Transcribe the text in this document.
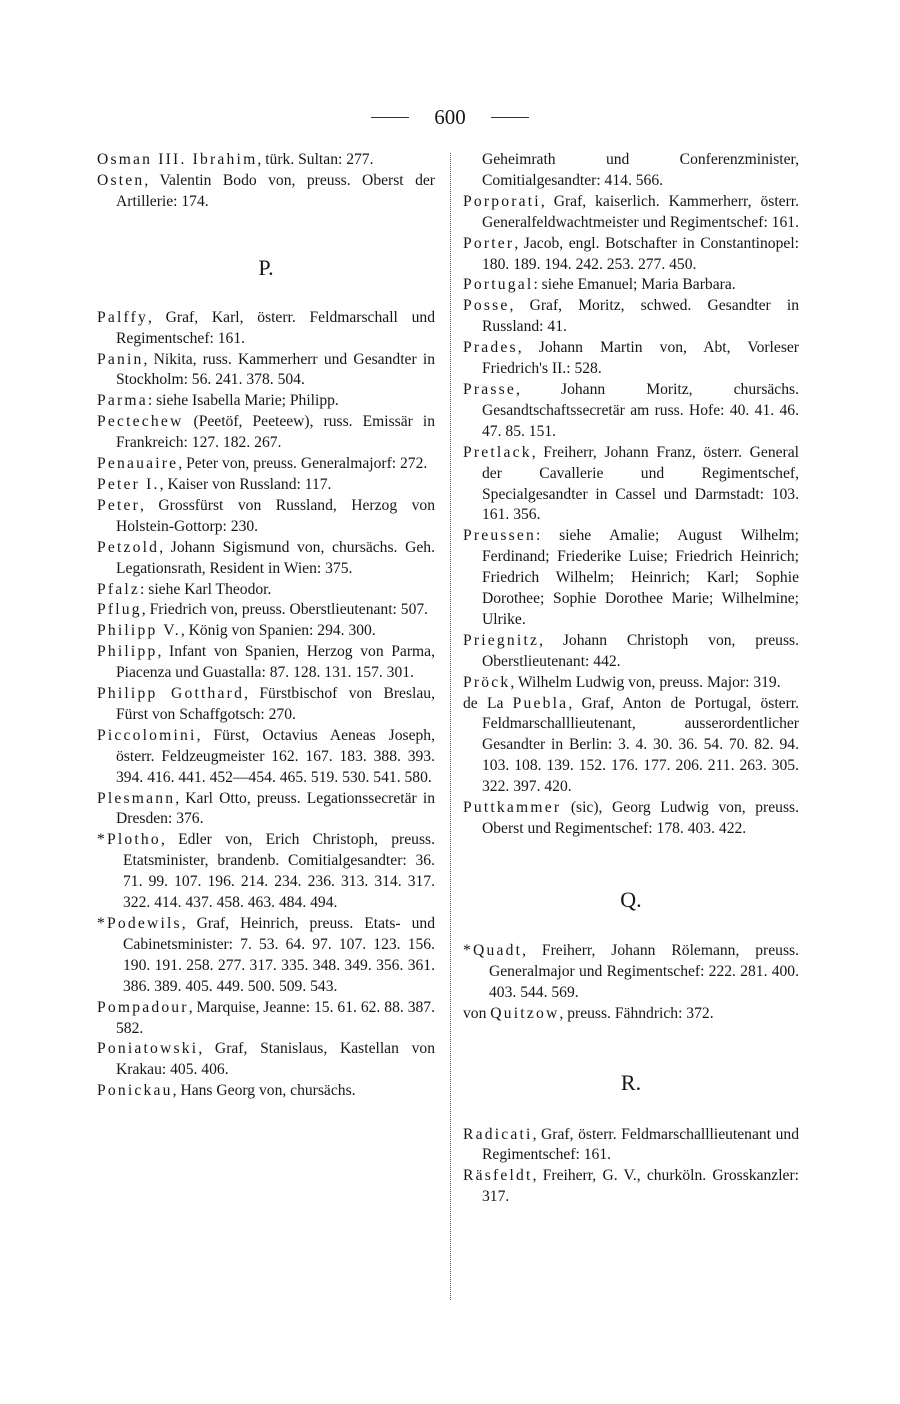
600

Osman III. Ibrahim, türk. Sultan: 277.

Osten, Valentin Bodo von, preuss. Oberst der Artillerie: 174.

P.

Palffy, Graf, Karl, österr. Feldmarschall und Regimentschef: 161.

Panin, Nikita, russ. Kammerherr und Gesandter in Stockholm: 56. 241. 378. 504.

Parma: siehe Isabella Marie; Philipp.

Pectechew (Peetöf, Peeteew), russ. Emissär in Frankreich: 127. 182. 267.

Penauaire, Peter von, preuss. Generalmajorf: 272.

Peter I., Kaiser von Russland: 117.

Peter, Grossfürst von Russland, Herzog von Holstein-Gottorp: 230.

Petzold, Johann Sigismund von, chursächs. Geh. Legationsrath, Resident in Wien: 375.

Pfalz: siehe Karl Theodor.

Pflug, Friedrich von, preuss. Oberstlieutenant: 507.

Philipp V., König von Spanien: 294. 300.

Philipp, Infant von Spanien, Herzog von Parma, Piacenza und Guastalla: 87. 128. 131. 157. 301.

Philipp Gotthard, Fürstbischof von Breslau, Fürst von Schaffgotsch: 270.

Piccolomini, Fürst, Octavius Aeneas Joseph, österr. Feldzeugmeister 162. 167. 183. 388. 393. 394. 416. 441. 452—454. 465. 519. 530. 541. 580.

Plesmann, Karl Otto, preuss. Legationssecretär in Dresden: 376.

*Plotho, Edler von, Erich Christoph, preuss. Etatsminister, brandenb. Comitialgesandter: 36. 71. 99. 107. 196. 214. 234. 236. 313. 314. 317. 322. 414. 437. 458. 463. 484. 494.

*Podewils, Graf, Heinrich, preuss. Etats- und Cabinetsminister: 7. 53. 64. 97. 107. 123. 156. 190. 191. 258. 277. 317. 335. 348. 349. 356. 361. 386. 389. 405. 449. 500. 509. 543.

Pompadour, Marquise, Jeanne: 15. 61. 62. 88. 387. 582.

Poniatowski, Graf, Stanislaus, Kastellan von Krakau: 405. 406.

Ponickau, Hans Georg von, chursächs.

Geheimrath und Conferenzminister, Comitialgesandter: 414. 566.

Porporati, Graf, kaiserlich. Kammerherr, österr. Generalfeldwachtmeister und Regimentschef: 161.

Porter, Jacob, engl. Botschafter in Constantinopel: 180. 189. 194. 242. 253. 277. 450.

Portugal: siehe Emanuel; Maria Barbara.

Posse, Graf, Moritz, schwed. Gesandter in Russland: 41.

Prades, Johann Martin von, Abt, Vorleser Friedrich's II.: 528.

Prasse, Johann Moritz, chursächs. Gesandtschaftssecretär am russ. Hofe: 40. 41. 46. 47. 85. 151.

Pretlack, Freiherr, Johann Franz, österr. General der Cavallerie und Regimentschef, Specialgesandter in Cassel und Darmstadt: 103. 161. 356.

Preussen: siehe Amalie; August Wilhelm; Ferdinand; Friederike Luise; Friedrich Heinrich; Friedrich Wilhelm; Heinrich; Karl; Sophie Dorothee; Sophie Dorothee Marie; Wilhelmine; Ulrike.

Priegnitz, Johann Christoph von, preuss. Oberstlieutenant: 442.

Pröck, Wilhelm Ludwig von, preuss. Major: 319.

de La Puebla, Graf, Anton de Portugal, österr. Feldmarschalllieutenant, ausserordentlicher Gesandter in Berlin: 3. 4. 30. 36. 54. 70. 82. 94. 103. 108. 139. 152. 176. 177. 206. 211. 263. 305. 322. 397. 420.

Puttkammer (sic), Georg Ludwig von, preuss. Oberst und Regimentschef: 178. 403. 422.

Q.

*Quadt, Freiherr, Johann Rölemann, preuss. Generalmajor und Regimentschef: 222. 281. 400. 403. 544. 569.

von Quitzow, preuss. Fähndrich: 372.

R.

Radicati, Graf, österr. Feldmarschalllieutenant und Regimentschef: 161.

Räsfeldt, Freiherr, G. V., churköln. Grosskanzler: 317.
